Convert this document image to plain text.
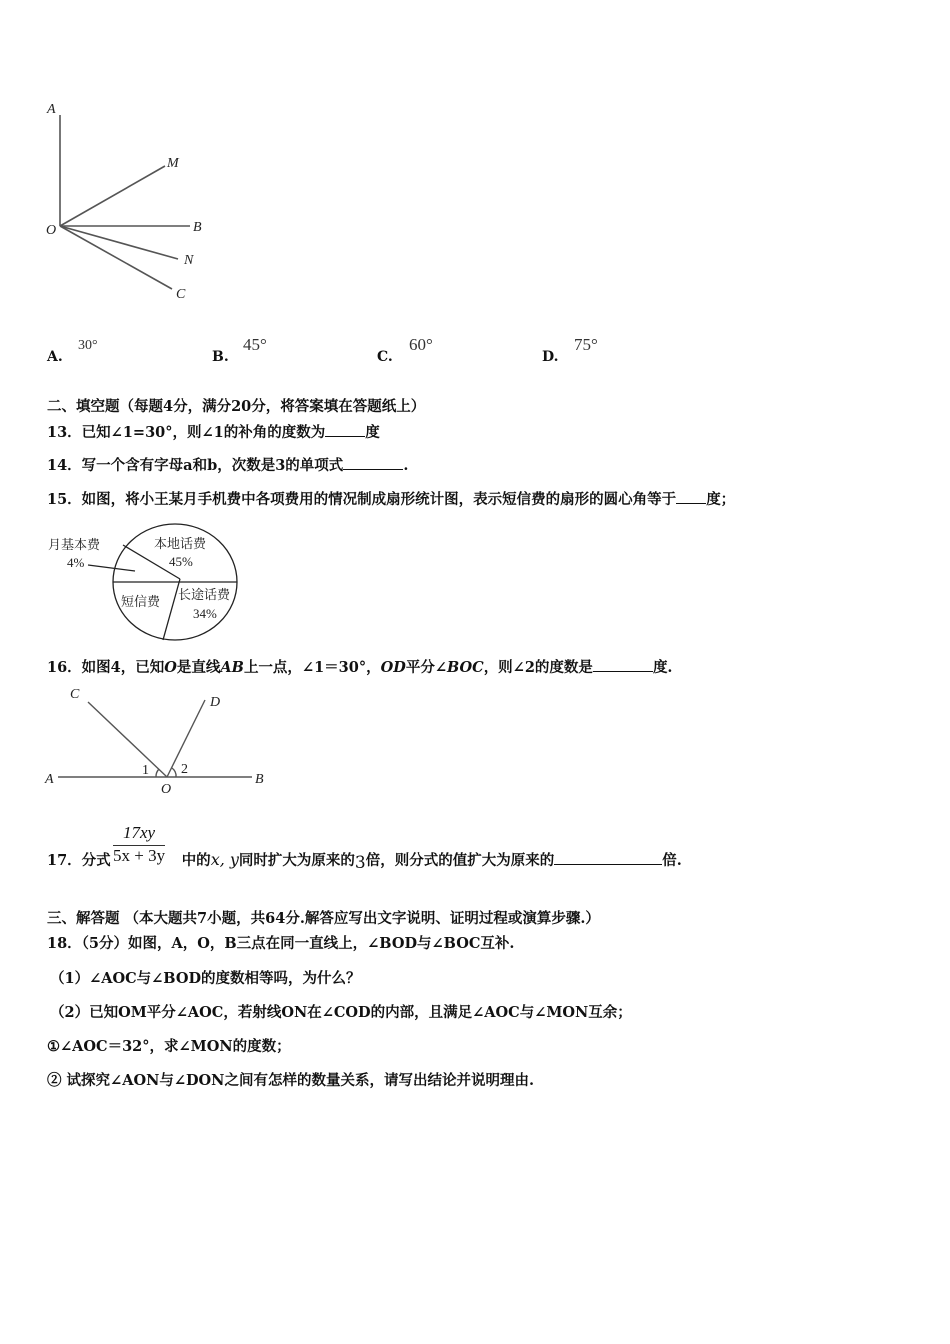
A
M
O	B
N
C
A.
30°
B.
45°
C.
60°
D.
75°
二、填空题（每题4分，满分20分，将答案填在答题纸上）
13．已知∠1=30°，则∠1的补角的度数为	度
14．写一个含有字母a和b，次数是3的单项式	.
15．如图，将小王某月手机费中各项费用的情况制成扇形统计图，表示短信费的扇形的圆心角等于 度；
月基本费
4%
本地话费
45%
短信费 长途话费
34%
16．如图4，已知O是直线AB上一点，∠1＝30°，OD平分∠BOC，则∠2的度数是	度.
C
D
A	B
O
1 2
$\frac{17xy}{5x + 3y}$
17．分式	中的x, y同时扩大为原来的3倍，则分式的值扩大为原来的	倍.
三、解答题 （本大题共7小题，共64分.解答应写出文字说明、证明过程或演算步骤.）
18．（5分）如图，A，O，B三点在同一直线上，∠BOD与∠BOC互补.
（1）∠AOC与∠BOD的度数相等吗，为什么？
（2）已知OM平分∠AOC，若射线ON在∠COD的内部，且满足∠AOC与∠MON互余；
①∠AOC＝32°，求∠MON的度数；
② 试探究∠AON与∠DON之间有怎样的数量关系，请写出结论并说明理由.
